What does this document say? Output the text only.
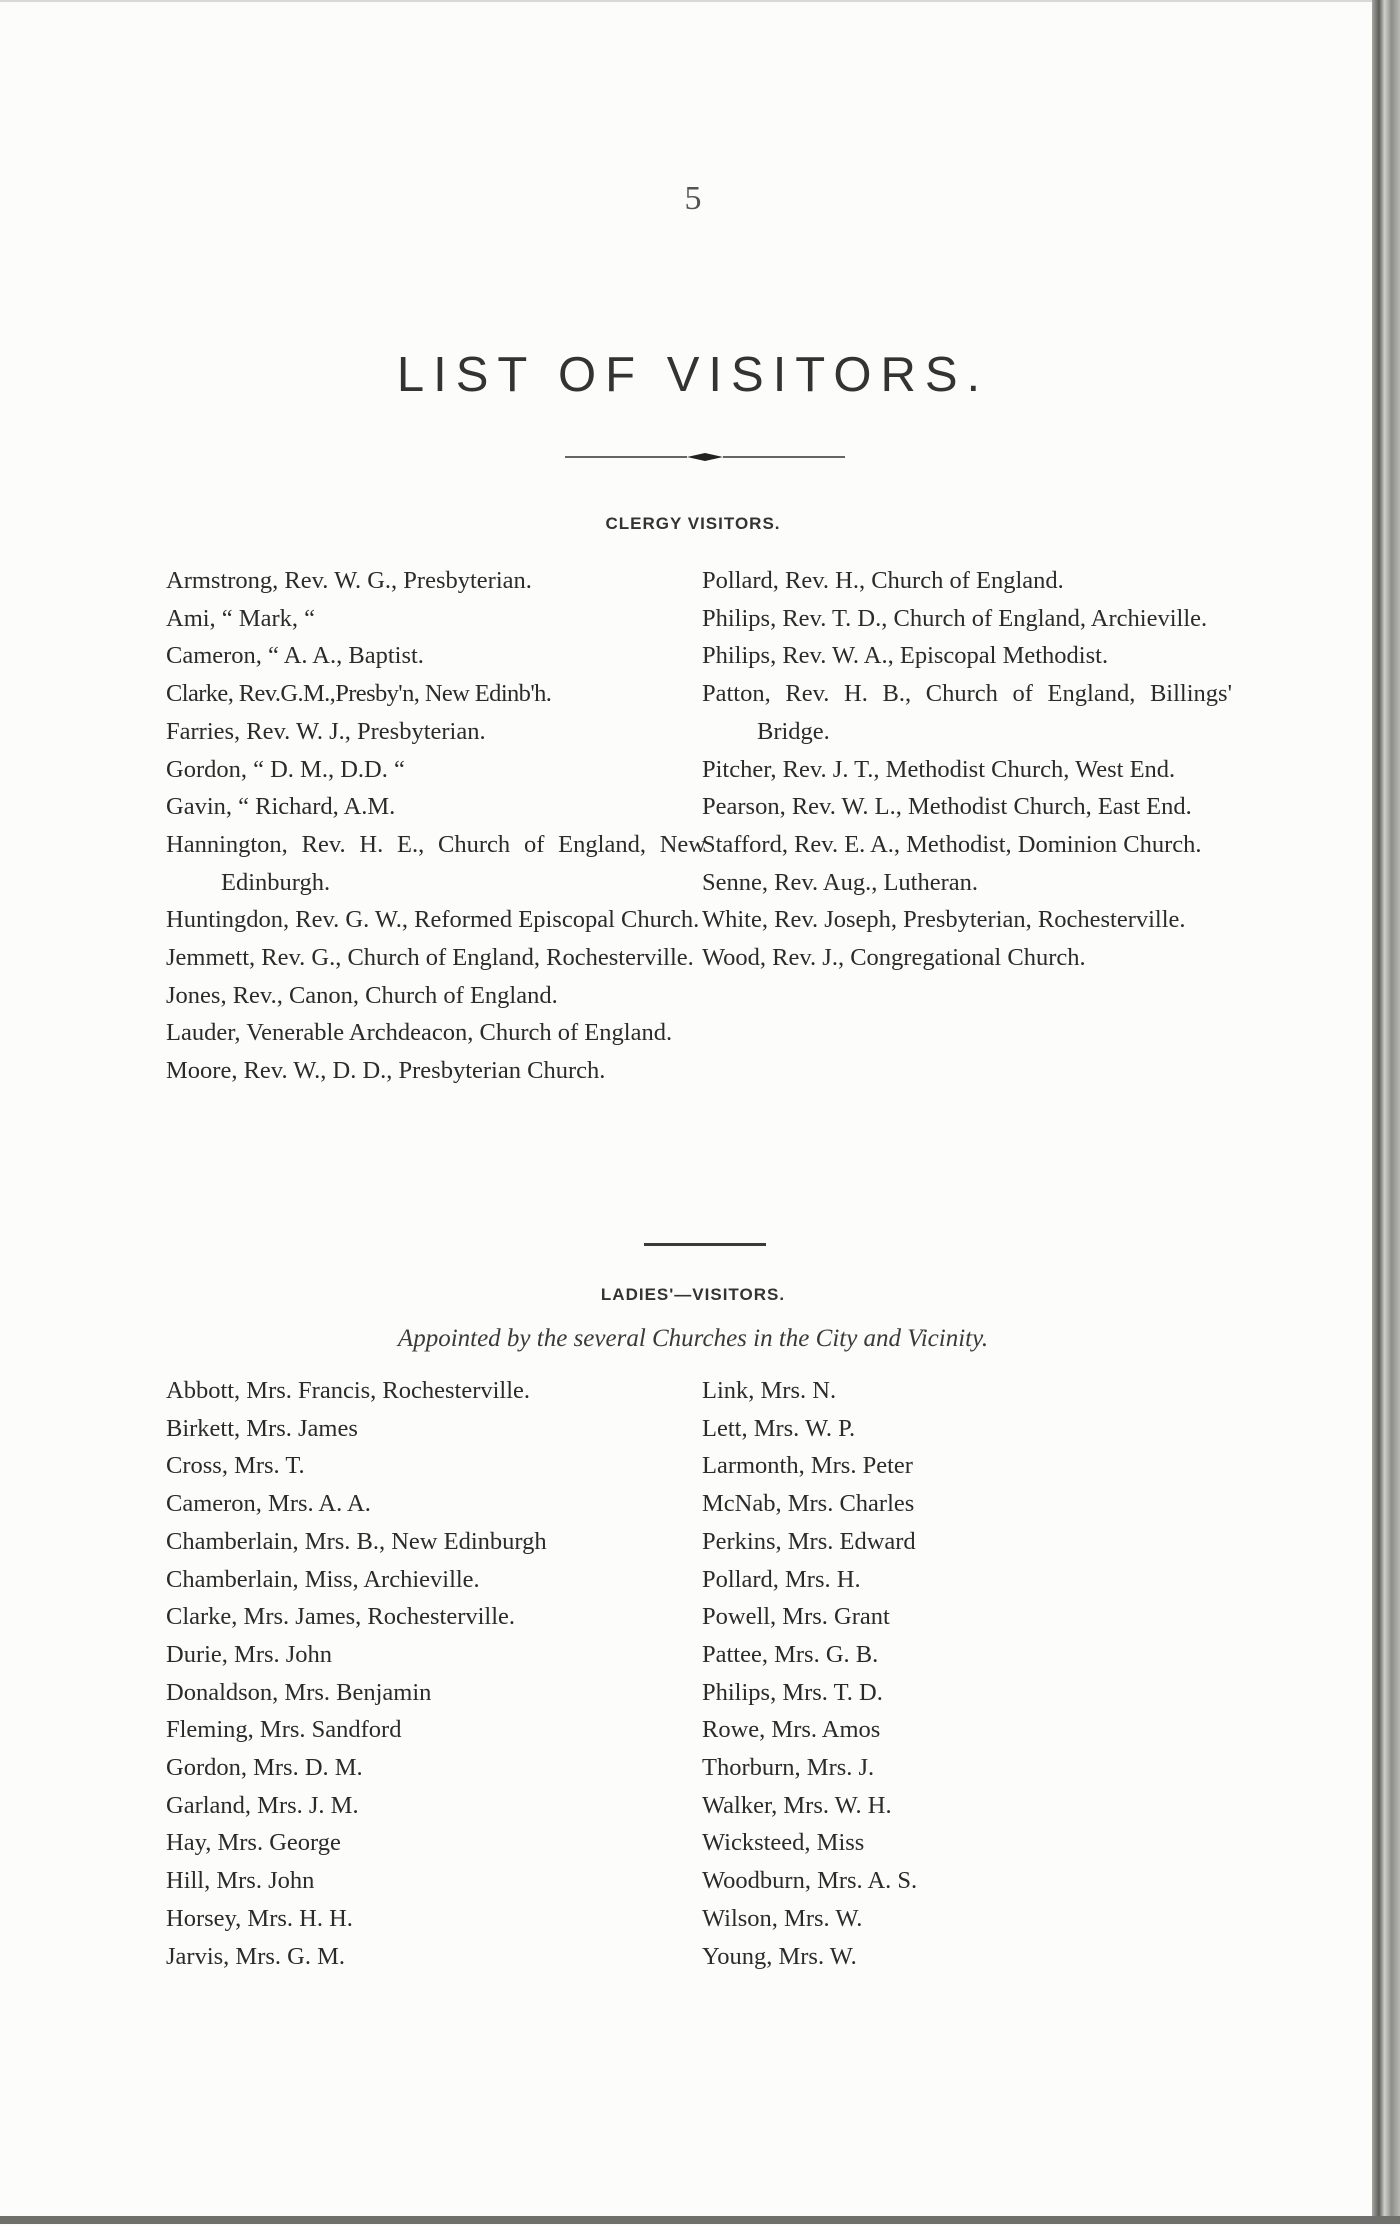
5
LIST OF VISITORS.
CLERGY VISITORS.
Armstrong, Rev. W. G., Presbyterian.
Ami, “ Mark, “
Cameron, “ A. A., Baptist.
Clarke, Rev.G.M.,Presby'n, New Edinb'h.
Farries, Rev. W. J., Presbyterian.
Gordon, “ D. M., D.D. “
Gavin, “ Richard, A.M.
Hannington, Rev. H. E., Church of England, New Edinburgh.
Huntingdon, Rev. G. W., Reformed Episcopal Church.
Jemmett, Rev. G., Church of England, Rochesterville.
Jones, Rev., Canon, Church of England.
Lauder, Venerable Archdeacon, Church of England.
Moore, Rev. W., D. D., Presbyterian Church.
Pollard, Rev. H., Church of England.
Philips, Rev. T. D., Church of England, Archieville.
Philips, Rev. W. A., Episcopal Methodist.
Patton, Rev. H. B., Church of England, Billings' Bridge.
Pitcher, Rev. J. T., Methodist Church, West End.
Pearson, Rev. W. L., Methodist Church, East End.
Stafford, Rev. E. A., Methodist, Dominion Church.
Senne, Rev. Aug., Lutheran.
White, Rev. Joseph, Presbyterian, Rochesterville.
Wood, Rev. J., Congregational Church.
LADIES'—VISITORS.
Appointed by the several Churches in the City and Vicinity.
Abbott, Mrs. Francis, Rochesterville.
Birkett, Mrs. James
Cross, Mrs. T.
Cameron, Mrs. A. A.
Chamberlain, Mrs. B., New Edinburgh
Chamberlain, Miss, Archieville.
Clarke, Mrs. James, Rochesterville.
Durie, Mrs. John
Donaldson, Mrs. Benjamin
Fleming, Mrs. Sandford
Gordon, Mrs. D. M.
Garland, Mrs. J. M.
Hay, Mrs. George
Hill, Mrs. John
Horsey, Mrs. H. H.
Jarvis, Mrs. G. M.
Link, Mrs. N.
Lett, Mrs. W. P.
Larmonth, Mrs. Peter
McNab, Mrs. Charles
Perkins, Mrs. Edward
Pollard, Mrs. H.
Powell, Mrs. Grant
Pattee, Mrs. G. B.
Philips, Mrs. T. D.
Rowe, Mrs. Amos
Thorburn, Mrs. J.
Walker, Mrs. W. H.
Wicksteed, Miss
Woodburn, Mrs. A. S.
Wilson, Mrs. W.
Young, Mrs. W.
